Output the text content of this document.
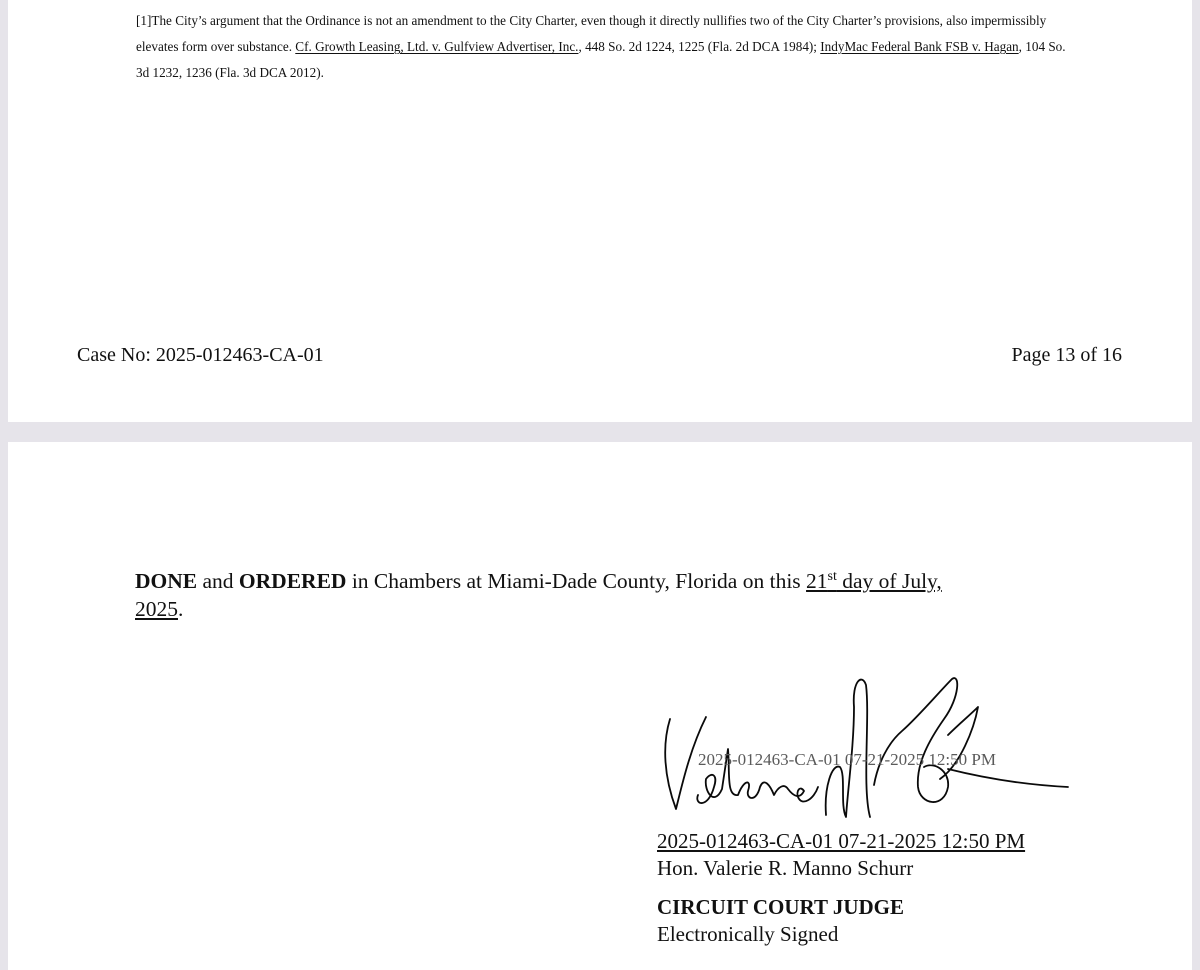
[1]The City’s argument that the Ordinance is not an amendment to the City Charter, even though it directly nullifies two of the City Charter’s provisions, also impermissibly elevates form over substance. Cf. Growth Leasing, Ltd. v. Gulfview Advertiser, Inc., 448 So. 2d 1224, 1225 (Fla. 2d DCA 1984); IndyMac Federal Bank FSB v. Hagan, 104 So. 3d 1232, 1236 (Fla. 3d DCA 2012).
Case No: 2025-012463-CA-01	Page 13 of 16
DONE and ORDERED in Chambers at Miami-Dade County, Florida on this 21st day of July,
2025.
2025-012463-CA-01 07-21-2025 12:50 PM
2025-012463-CA-01 07-21-2025 12:50 PM
Hon. Valerie R. Manno Schurr
CIRCUIT COURT JUDGE
Electronically Signed
